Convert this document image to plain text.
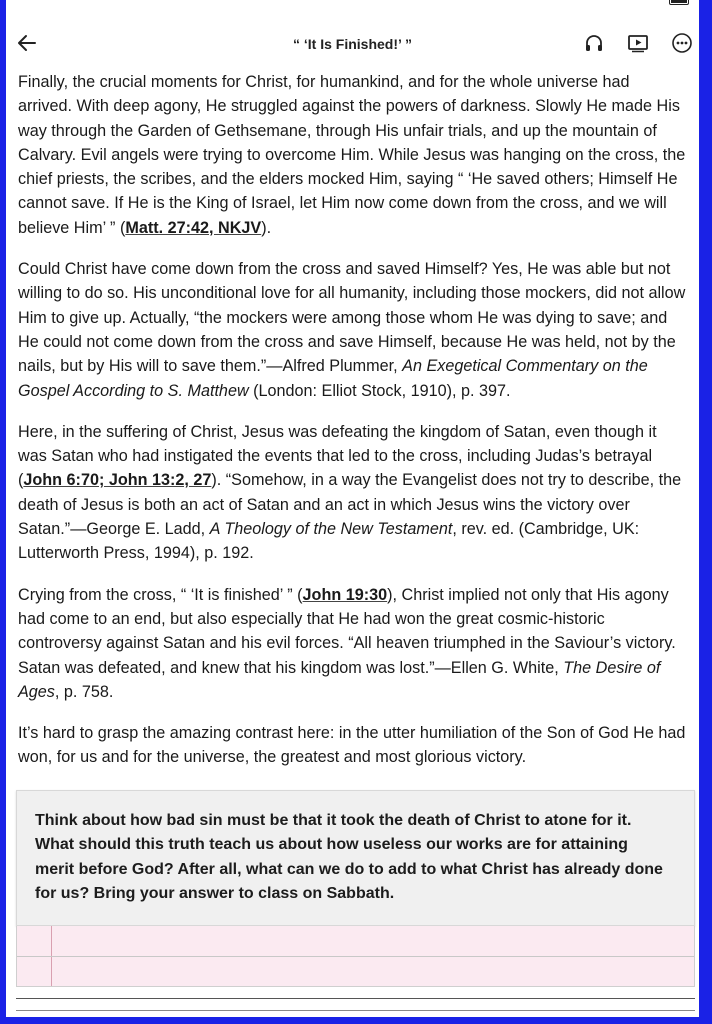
“ ‘It Is Finished!’ ”

Finally, the crucial moments for Christ, for humankind, and for the whole universe had arrived. With deep agony, He struggled against the powers of darkness. Slowly He made His way through the Garden of Gethsemane, through His unfair trials, and up the mountain of Calvary. Evil angels were trying to overcome Him. While Jesus was hanging on the cross, the chief priests, the scribes, and the elders mocked Him, saying “ ‘He saved others; Himself He cannot save. If He is the King of Israel, let Him now come down from the cross, and we will believe Him’ ” (Matt. 27:42, NKJV).

Could Christ have come down from the cross and saved Himself? Yes, He was able but not willing to do so. His unconditional love for all humanity, including those mockers, did not allow Him to give up. Actually, “the mockers were among those whom He was dying to save; and He could not come down from the cross and save Himself, because He was held, not by the nails, but by His will to save them.”—Alfred Plummer, An Exegetical Commentary on the Gospel According to S. Matthew (London: Elliot Stock, 1910), p. 397.

Here, in the suffering of Christ, Jesus was defeating the kingdom of Satan, even though it was Satan who had instigated the events that led to the cross, including Judas’s betrayal (John 6:70; John 13:2, 27). “Somehow, in a way the Evangelist does not try to describe, the death of Jesus is both an act of Satan and an act in which Jesus wins the victory over Satan.”—George E. Ladd, A Theology of the New Testament, rev. ed. (Cambridge, UK: Lutterworth Press, 1994), p. 192.

Crying from the cross, “ ‘It is finished’ ” (John 19:30), Christ implied not only that His agony had come to an end, but also especially that He had won the great cosmic-historic controversy against Satan and his evil forces. “All heaven triumphed in the Saviour’s victory. Satan was defeated, and knew that his kingdom was lost.”—Ellen G. White, The Desire of Ages, p. 758.

It’s hard to grasp the amazing contrast here: in the utter humiliation of the Son of God He had won, for us and for the universe, the greatest and most glorious victory.

Think about how bad sin must be that it took the death of Christ to atone for it. What should this truth teach us about how useless our works are for attaining merit before God? After all, what can we do to add to what Christ has already done for us? Bring your answer to class on Sabbath.
